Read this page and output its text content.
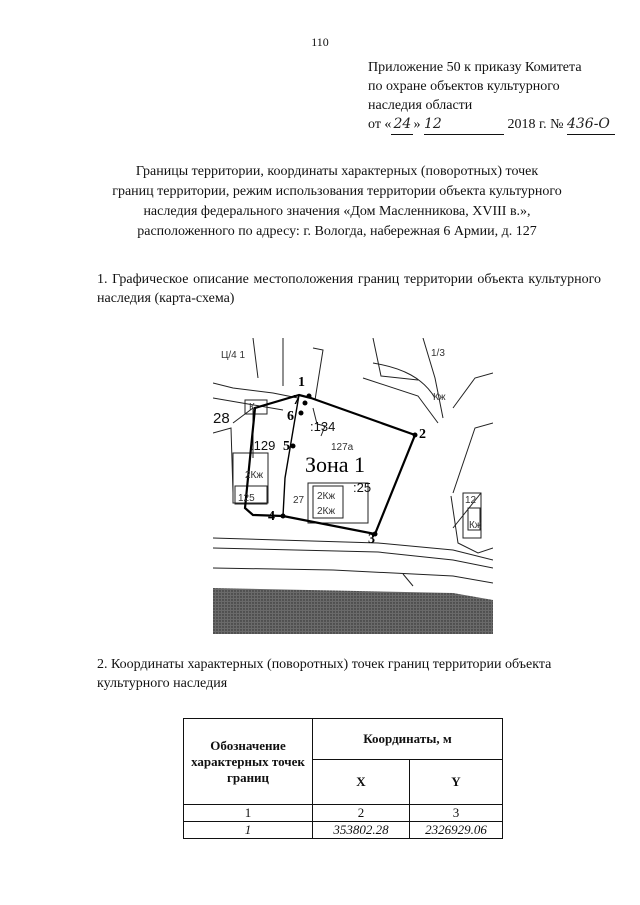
110
Приложение 50 к приказу Комитета
по охране объектов культурного
наследия области
от « 24 » 12	2018 г. № 436-О
Границы территории, координаты характерных (поворотных) точек
границ территории, режим использования территории объекта культурного
наследия федерального значения «Дом Масленникова, XVIII в.»,
расположенного по адресу: г. Вологда, набережная 6 Армии, д. 127
1. Графическое описание местоположения границ территории объекта культурного наследия (карта-схема)
1
2
3
4
5
6
7
Зона 1
:134
:129
:25
28
127а
125	27	12
2Кж
2Кж
2Кж
Кж
К
Кж
Ц/4 1	1/3
2. Координаты характерных (поворотных) точек границ территории объекта культурного наследия
Обозначение характерных точек границ	Координаты, м	
	X	Y
1	2	3
1	353802.28	2326929.06
